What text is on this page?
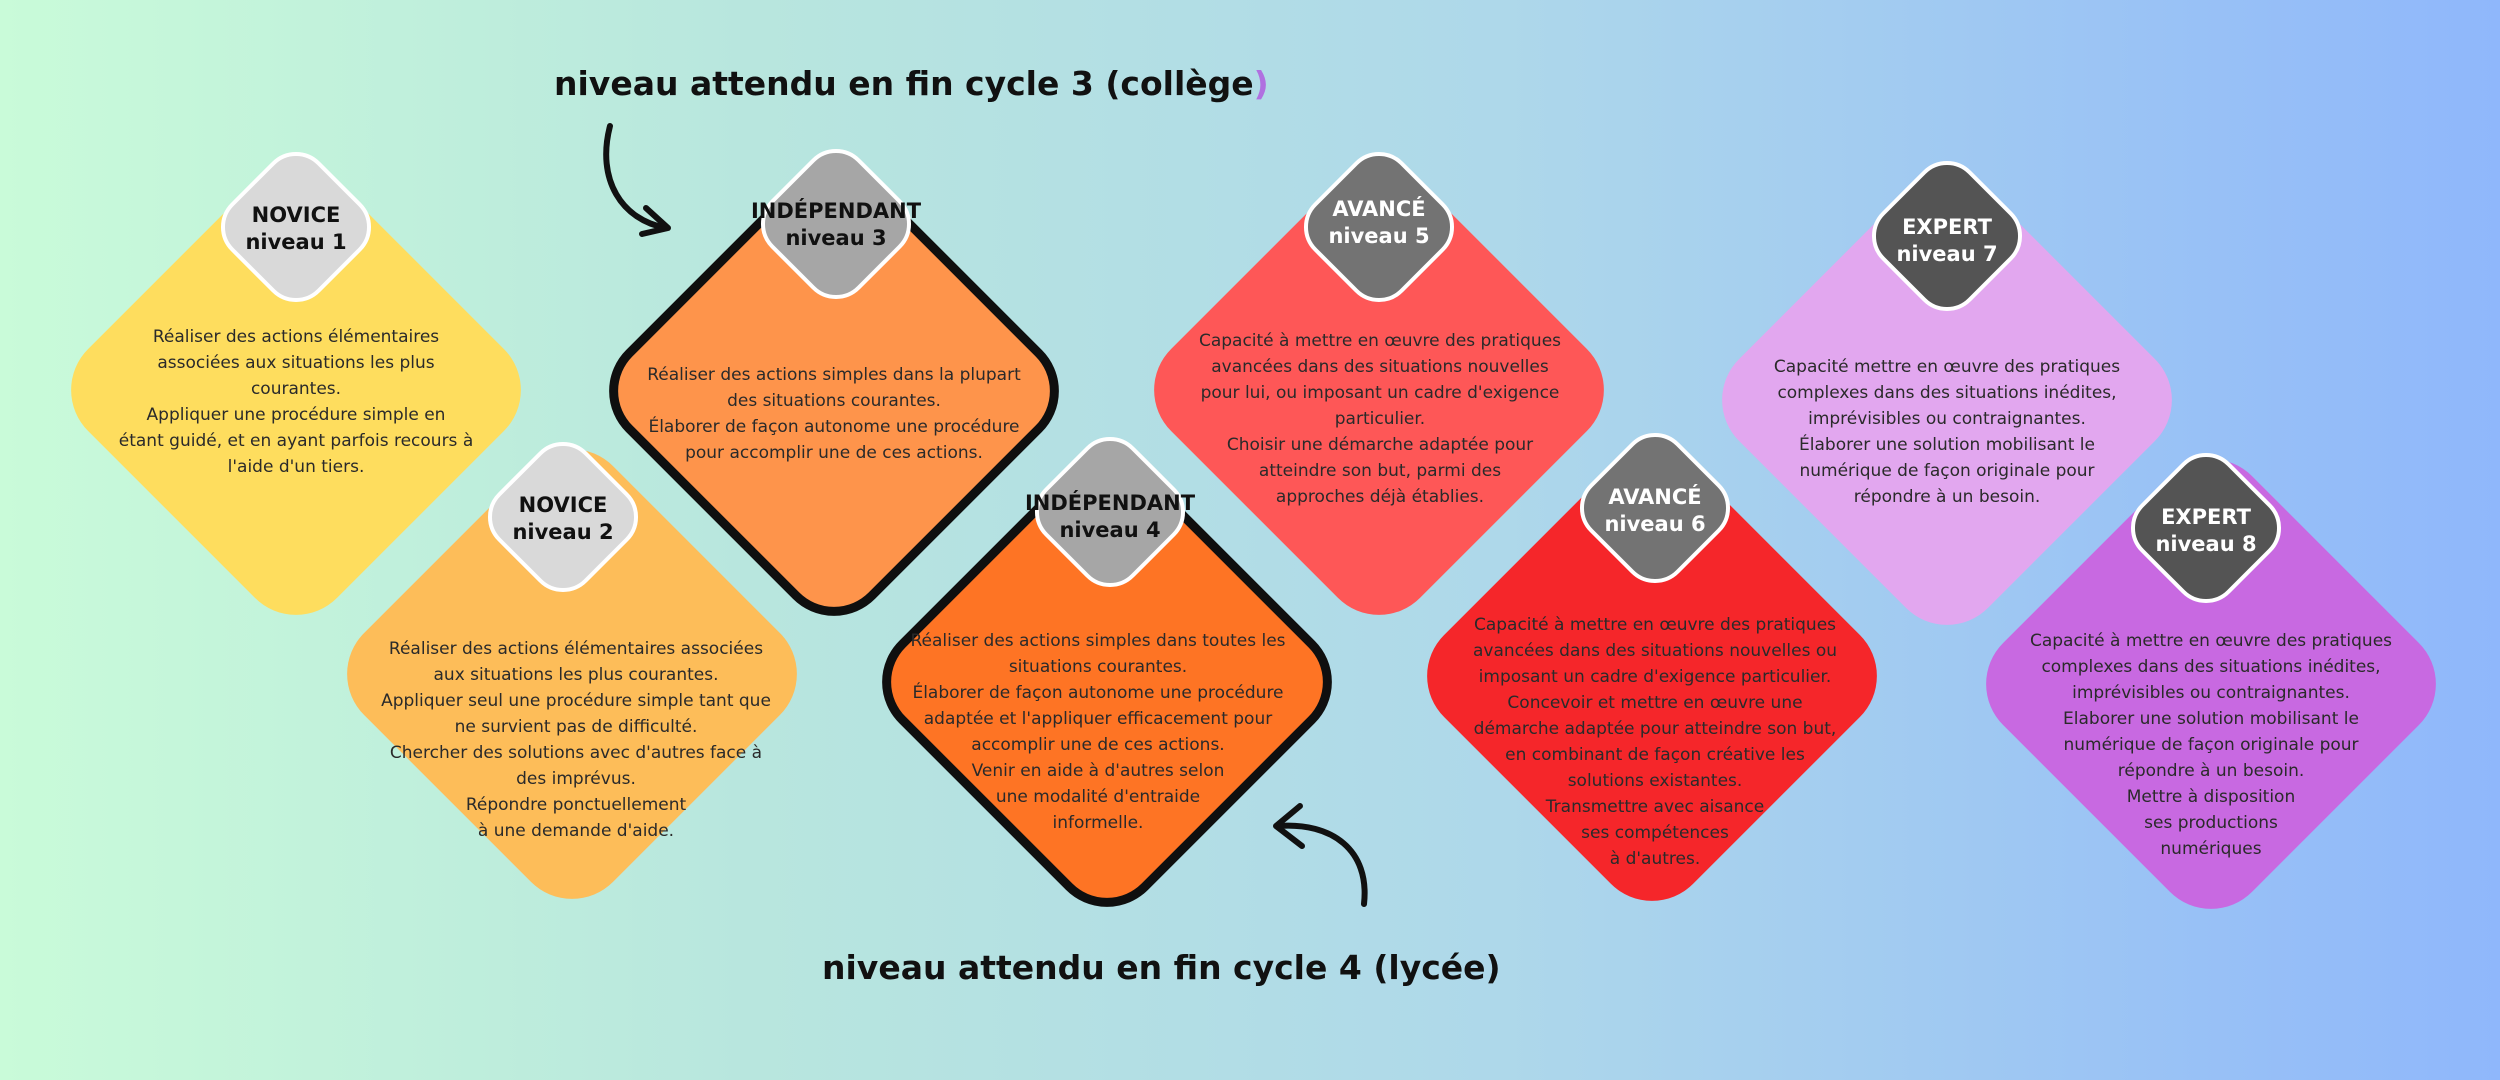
niveau attendu en fin cycle 3 (collège)
niveau attendu en fin cycle 4 (lycée)
Réaliser des actions élémentaires
associées aux situations les plus
courantes.
Appliquer une procédure simple en
étant guidé, et en ayant parfois recours à
l'aide d'un tiers.
NOVICE
niveau 1
Réaliser des actions élémentaires associées
aux situations les plus courantes.
Appliquer seul une procédure simple tant que
ne survient pas de difficulté.
Chercher des solutions avec d'autres face à
des imprévus.
Répondre ponctuellement
à une demande d'aide.
NOVICE
niveau 2
Réaliser des actions simples dans la plupart
des situations courantes.
Élaborer de façon autonome une procédure
pour accomplir une de ces actions.
INDÉPENDANT
niveau 3
Réaliser des actions simples dans toutes les
situations courantes.
Élaborer de façon autonome une procédure
adaptée et l'appliquer efficacement pour
accomplir une de ces actions.
Venir en aide à d'autres selon
une modalité d'entraide
informelle.
INDÉPENDANT
niveau 4
Capacité à mettre en œuvre des pratiques
avancées dans des situations nouvelles
pour lui, ou imposant un cadre d'exigence
particulier.
Choisir une démarche adaptée pour
atteindre son but, parmi des
approches déjà établies.
AVANCÉ
niveau 5
Capacité à mettre en œuvre des pratiques
avancées dans des situations nouvelles ou
imposant un cadre d'exigence particulier.
Concevoir et mettre en œuvre une
démarche adaptée pour atteindre son but,
en combinant de façon créative les
solutions existantes.
Transmettre avec aisance
ses compétences
à d'autres.
AVANCÉ
niveau 6
Capacité mettre en œuvre des pratiques
complexes dans des situations inédites,
imprévisibles ou contraignantes.
Élaborer une solution mobilisant le
numérique de façon originale pour
répondre à un besoin.
EXPERT
niveau 7
Capacité à mettre en œuvre des pratiques
complexes dans des situations inédites,
imprévisibles ou contraignantes.
Elaborer une solution mobilisant le
numérique de façon originale pour
répondre à un besoin.
Mettre à disposition
ses productions
numériques
EXPERT
niveau 8
